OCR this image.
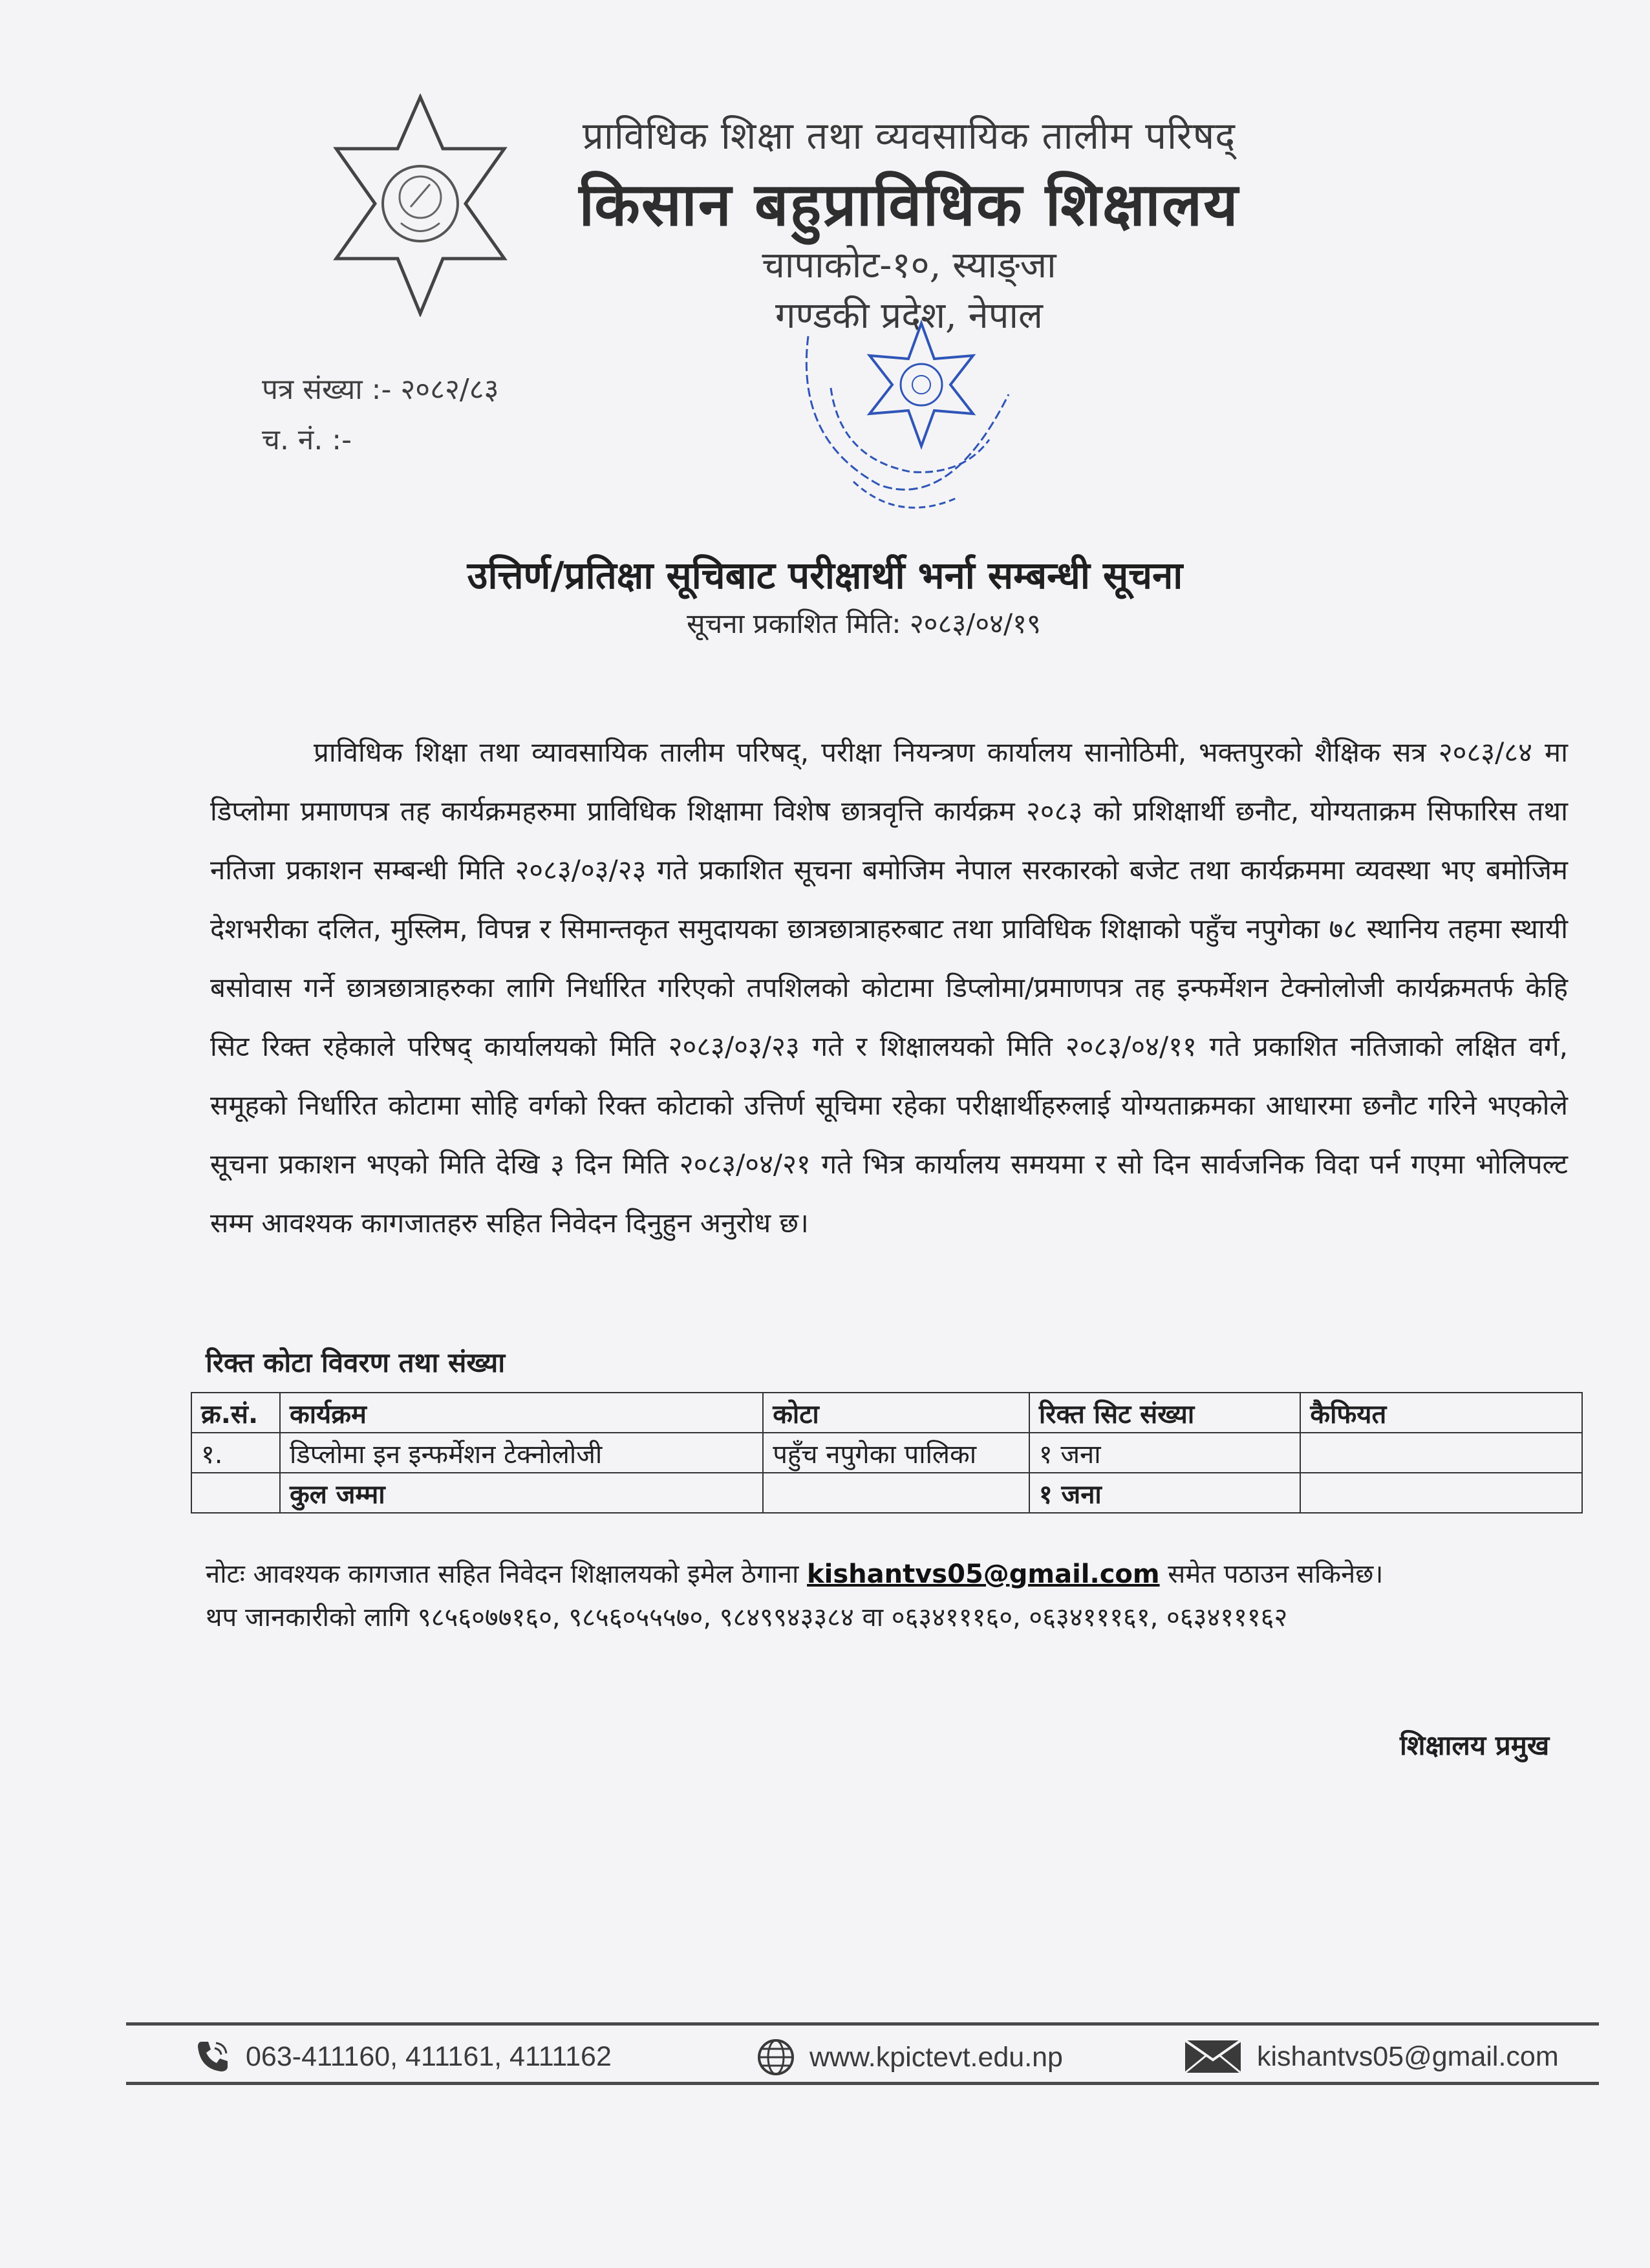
प्राविधिक शिक्षा तथा व्यवसायिक तालीम परिषद्
किसान बहुप्राविधिक शिक्षालय
चापाकोट-१०, स्याङ्जा
गण्डकी प्रदेश, नेपाल
पत्र संख्या :- २०८२/८३
च. नं. :-
उत्तिर्ण/प्रतिक्षा सूचिबाट परीक्षार्थी भर्ना सम्बन्धी सूचना
सूचना प्रकाशित मिति: २०८३/०४/१९
प्राविधिक शिक्षा तथा व्यावसायिक तालीम परिषद्, परीक्षा नियन्त्रण कार्यालय सानोठिमी, भक्तपुरको शैक्षिक सत्र २०८३/८४ मा डिप्लोमा प्रमाणपत्र तह कार्यक्रमहरुमा प्राविधिक शिक्षामा विशेष छात्रवृत्ति कार्यक्रम २०८३ को प्रशिक्षार्थी छनौट, योग्यताक्रम सिफारिस तथा नतिजा प्रकाशन सम्बन्धी मिति २०८३/०३/२३ गते प्रकाशित सूचना बमोजिम नेपाल सरकारको बजेट तथा कार्यक्रममा व्यवस्था भए बमोजिम देशभरीका दलित, मुस्लिम, विपन्न र सिमान्तकृत समुदायका छात्रछात्राहरुबाट तथा प्राविधिक शिक्षाको पहुँच नपुगेका ७८ स्थानिय तहमा स्थायी बसोवास गर्ने छात्रछात्राहरुका लागि निर्धारित गरिएको तपशिलको कोटामा डिप्लोमा/प्रमाणपत्र तह इन्फर्मेशन टेक्नोलोजी कार्यक्रमतर्फ केहि सिट रिक्त रहेकाले परिषद् कार्यालयको मिति २०८३/०३/२३ गते र शिक्षालयको मिति २०८३/०४/११ गते प्रकाशित नतिजाको लक्षित वर्ग, समूहको निर्धारित कोटामा सोहि वर्गको रिक्त कोटाको उत्तिर्ण सूचिमा रहेका परीक्षार्थीहरुलाई योग्यताक्रमका आधारमा छनौट गरिने भएकोले सूचना प्रकाशन भएको मिति देखि ३ दिन मिति २०८३/०४/२१ गते भित्र कार्यालय समयमा र सो दिन सार्वजनिक विदा पर्न गएमा भोलिपल्ट सम्म आवश्यक कागजातहरु सहित निवेदन दिनुहुन अनुरोध छ।
रिक्त कोटा विवरण तथा संख्या
क्र.सं.	कार्यक्रम	कोटा	रिक्त सिट संख्या	कैफियत
१.	डिप्लोमा इन इन्फर्मेशन टेक्नोलोजी	पहुँच नपुगेका पालिका	१ जना	
	कुल जम्मा		१ जना	
नोटः आवश्यक कागजात सहित निवेदन शिक्षालयको इमेल ठेगाना kishantvs05@gmail.com समेत पठाउन सकिनेछ।
थप जानकारीको लागि ९८५६०७७१६०, ९८५६०५५५७०, ९८४९९४३३८४ वा ०६३४१११६०, ०६३४१११६१, ०६३४१११६२
शिक्षालय प्रमुख
063-411160, 411161, 4111162	www.kpictevt.edu.np	kishantvs05@gmail.com
